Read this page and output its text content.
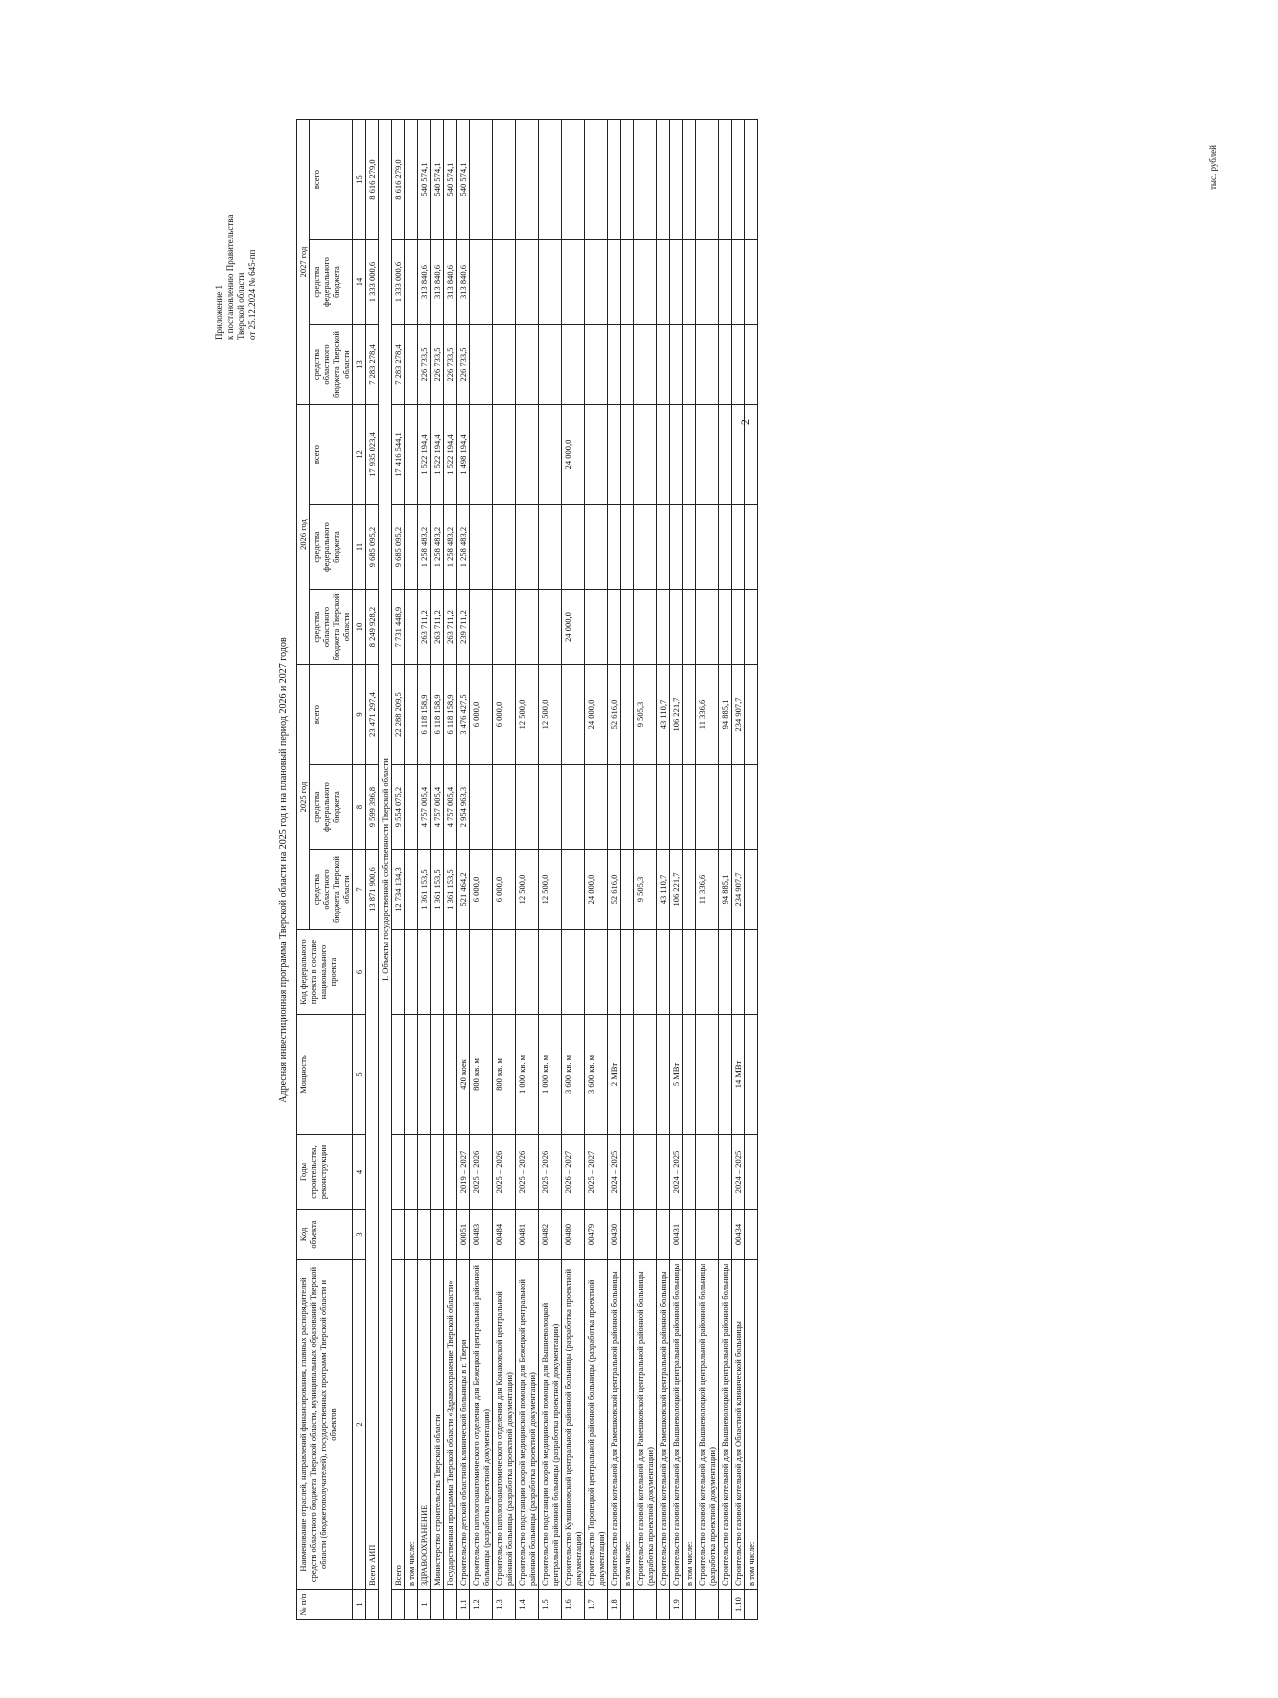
2
Приложение 1 к постановлению Правительства Тверской области от 25.12.2024 № 645-пп
Адресная инвестиционная программа Тверской области на 2025 год и на плановый период 2026 и 2027 годов
№ п/п	Наименование отраслей, направлений финансирования, главных распорядителей средств областного бюджета Тверской области, муниципальных образований Тверской области (бюджетополучателей), государственных программ Тверской области и объектов	Код объекта	Годы строительства, реконструкции	Мощность	Код федерального проекта в составе национального проекта	2025 год			2026 год			2027 год		
						средства областного бюджета Тверской области	средства федерального бюджета	всего	средства областного бюджета Тверской области	средства федерального бюджета	всего	средства областного бюджета Тверской области	средства федерального бюджета	всего
1	2	3	4	5	6	7	8	9	10	11	12	13	14	15
	Всего АИП					13 871 900,6	9 599 396,8	23 471 297,4	8 249 928,2	9 685 095,2	17 935 023,4	7 283 278,4	1 333 000,6	8 616 279,0
I. Объекты государственной собственности Тверской области														
	Всего					12 734 134,3	9 554 075,2	22 288 209,5	7 731 448,9	9 685 095,2	17 416 544,1	7 283 278,4	1 333 000,6	8 616 279,0
	в том числе:													
1	ЗДРАВООХРАНЕНИЕ					1 361 153,5	4 757 005,4	6 118 158,9	263 711,2	1 258 483,2	1 522 194,4	226 733,5	313 840,6	540 574,1
	Министерство строительства Тверской области					1 361 153,5	4 757 005,4	6 118 158,9	263 711,2	1 258 483,2	1 522 194,4	226 733,5	313 840,6	540 574,1
	Государственная программа Тверской области «Здравоохранение Тверской области»					1 361 153,5	4 757 005,4	6 118 158,9	263 711,2	1 258 483,2	1 522 194,4	226 733,5	313 840,6	540 574,1
1.1	Строительство детской областной клинической больницы в г. Твери	00051	2019 – 2027	420 коек		521 464,2	2 954 963,3	3 476 427,5	239 711,2	1 258 483,2	1 498 194,4	226 733,5	313 840,6	540 574,1
1.2	Строительство патологоанатомического отделения для Бежецкой центральной районной больницы (разработка проектной документации)	00483	2025 – 2026	800 кв. м		6 000,0		6 000,0						
1.3	Строительство патологоанатомического отделения для Конаковской центральной районной больницы (разработка проектной документации)	00484	2025 – 2026	800 кв. м		6 000,0		6 000,0						
1.4	Строительство подстанции скорой медицинской помощи для Бежецкой центральной районной больницы (разработка проектной документации)	00481	2025 – 2026	1 000 кв. м		12 500,0		12 500,0						
1.5	Строительство подстанции скорой медицинской помощи для Вышневолоцкой центральной районной больницы (разработка проектной документации)	00482	2025 – 2026	1 000 кв. м		12 500,0		12 500,0						
1.6	Строительство Кувшиновской центральной районной больницы (разработка проектной документации)	00480	2026 – 2027	3 600 кв. м					24 000,0		24 000,0			
1.7	Строительство Торопецкой центральной районной больницы (разработка проектной документации)	00479	2025 – 2027	3 600 кв. м		24 000,0		24 000,0						
1.8	Строительство газовой котельной для Рамешковской центральной районной больницы	00430	2024 – 2025	2 МВт		52 616,0		52 616,0						
	в том числе:													
	Строительство газовой котельной для Рамешковской центральной районной больницы (разработка проектной документации)					9 505,3		9 505,3						
	Строительство газовой котельной для Рамешковской центральной районной больницы					43 110,7		43 110,7						
1.9	Строительство газовой котельной для Вышневолоцкой центральной районной больницы	00431	2024 – 2025	5 МВт		106 221,7		106 221,7						
	в том числе:													
	Строительство газовой котельной для Вышневолоцкой центральной районной больницы (разработка проектной документации)					11 336,6		11 336,6						
	Строительство газовой котельной для Вышневолоцкой центральной районной больницы					94 885,1		94 885,1						
1.10	Строительство газовой котельной для Областной клинической больницы	00434	2024 – 2025	14 МВт		234 907,7		234 907,7						
	в том числе:													
тыс. рублей
